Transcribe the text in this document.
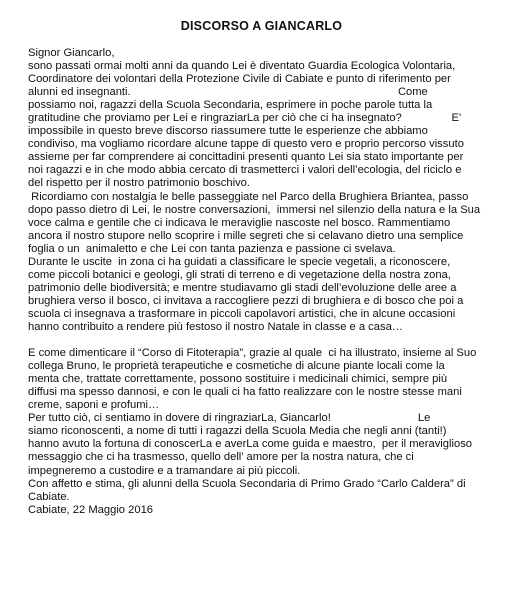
DISCORSO A GIANCARLO
Signor Giancarlo,
sono passati ormai molti anni da quando Lei è diventato Guardia Ecologica Volontaria,
Coordinatore dei volontari della Protezione Civile di Cabiate e punto di riferimento per
alunni ed insegnanti.                                                                                      Come
possiamo noi, ragazzi della Scuola Secondaria, esprimere in poche parole tutta la
gratitudine che proviamo per Lei e ringraziarLa per ciò che ci ha insegnato?                E'
impossibile in questo breve discorso riassumere tutte le esperienze che abbiamo
condiviso, ma vogliamo ricordare alcune tappe di questo vero e proprio percorso vissuto
assieme per far comprendere ai concittadini presenti quanto Lei sia stato importante per
noi ragazzi e in che modo abbia cercato di trasmetterci i valori dell’ecologia, del riciclo e
del rispetto per il nostro patrimonio boschivo.
Ricordiamo con nostalgia le belle passeggiate nel Parco della Brughiera Briantea, passo
dopo passo dietro di Lei, le nostre conversazioni,  immersi nel silenzio della natura e la Sua
voce calma e gentile che ci indicava le meraviglie nascoste nel bosco. Rammentiamo
ancora il nostro stupore nello scoprire i mille segreti che si celavano dietro una semplice
foglia o un  animaletto e che Lei con tanta pazienza e passione ci svelava.
Durante le uscite  in zona ci ha guidati a classificare le specie vegetali, a riconoscere,
come piccoli botanici e geologi, gli strati di terreno e di vegetazione della nostra zona,
patrimonio delle biodiversità; e mentre studiavamo gli stadi dell’evoluzione delle aree a
brughiera verso il bosco, ci invitava a raccogliere pezzi di brughiera e di bosco che poi a
scuola ci insegnava a trasformare in piccoli capolavori artistici, che in alcune occasioni
hanno contribuito a rendere più festoso il nostro Natale in classe e a casa…
E come dimenticare il “Corso di Fitoterapia”, grazie al quale  ci ha illustrato, insieme al Suo
collega Bruno, le proprietà terapeutiche e cosmetiche di alcune piante locali come la
menta che, trattate correttamente, possono sostituire i medicinali chimici, sempre più
diffusi ma spesso dannosi, e con le quali ci ha fatto realizzare con le nostre stesse mani
creme, saponi e profumi…
Per tutto ciò, ci sentiamo in dovere di ringraziarLa, Giancarlo!                            Le
siamo riconoscenti, a nome di tutti i ragazzi della Scuola Media che negli anni (tanti!)
hanno avuto la fortuna di conoscerLa e averLa come guida e maestro,  per il meraviglioso
messaggio che ci ha trasmesso, quello dell’ amore per la nostra natura, che ci
impegneremo a custodire e a tramandare ai più piccoli.
Con affetto e stima, gli alunni della Scuola Secondaria di Primo Grado “Carlo Caldera” di
Cabiate.
Cabiate, 22 Maggio 2016
